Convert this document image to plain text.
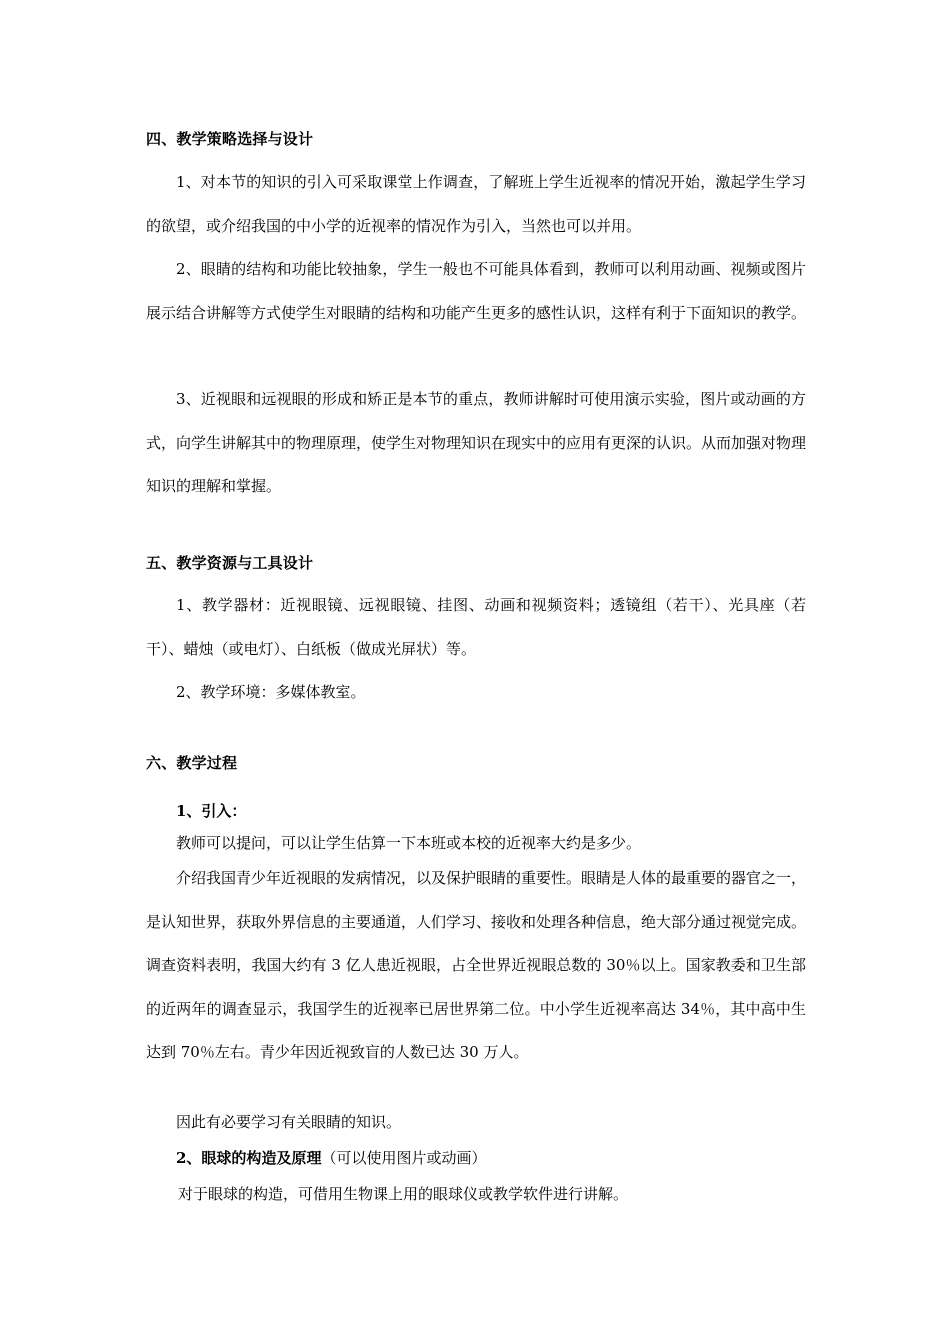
四、教学策略选择与设计
1、对本节的知识的引入可采取课堂上作调查，了解班上学生近视率的情况开始，激起学生学习的欲望，或介绍我国的中小学的近视率的情况作为引入，当然也可以并用。
2、眼睛的结构和功能比较抽象，学生一般也不可能具体看到，教师可以利用动画、视频或图片展示结合讲解等方式使学生对眼睛的结构和功能产生更多的感性认识，这样有利于下面知识的教学。
3、近视眼和远视眼的形成和矫正是本节的重点，教师讲解时可使用演示实验，图片或动画的方式，向学生讲解其中的物理原理，使学生对物理知识在现实中的应用有更深的认识。从而加强对物理知识的理解和掌握。
五、教学资源与工具设计
1、教学器材：近视眼镜、远视眼镜、挂图、动画和视频资料；透镜组（若干）、光具座（若干）、蜡烛（或电灯）、白纸板（做成光屏状）等。
2、教学环境：多媒体教室。
六、教学过程
1、引入：
教师可以提问，可以让学生估算一下本班或本校的近视率大约是多少。
介绍我国青少年近视眼的发病情况，以及保护眼睛的重要性。眼睛是人体的最重要的器官之一，是认知世界，获取外界信息的主要通道，人们学习、接收和处理各种信息，绝大部分通过视觉完成。调查资料表明，我国大约有 3 亿人患近视眼，占全世界近视眼总数的 30％以上。国家教委和卫生部的近两年的调查显示，我国学生的近视率已居世界第二位。中小学生近视率高达 34％，其中高中生达到 70％左右。青少年因近视致盲的人数已达 30 万人。
因此有必要学习有关眼睛的知识。
2、眼球的构造及原理（可以使用图片或动画）
对于眼球的构造，可借用生物课上用的眼球仪或教学软件进行讲解。
